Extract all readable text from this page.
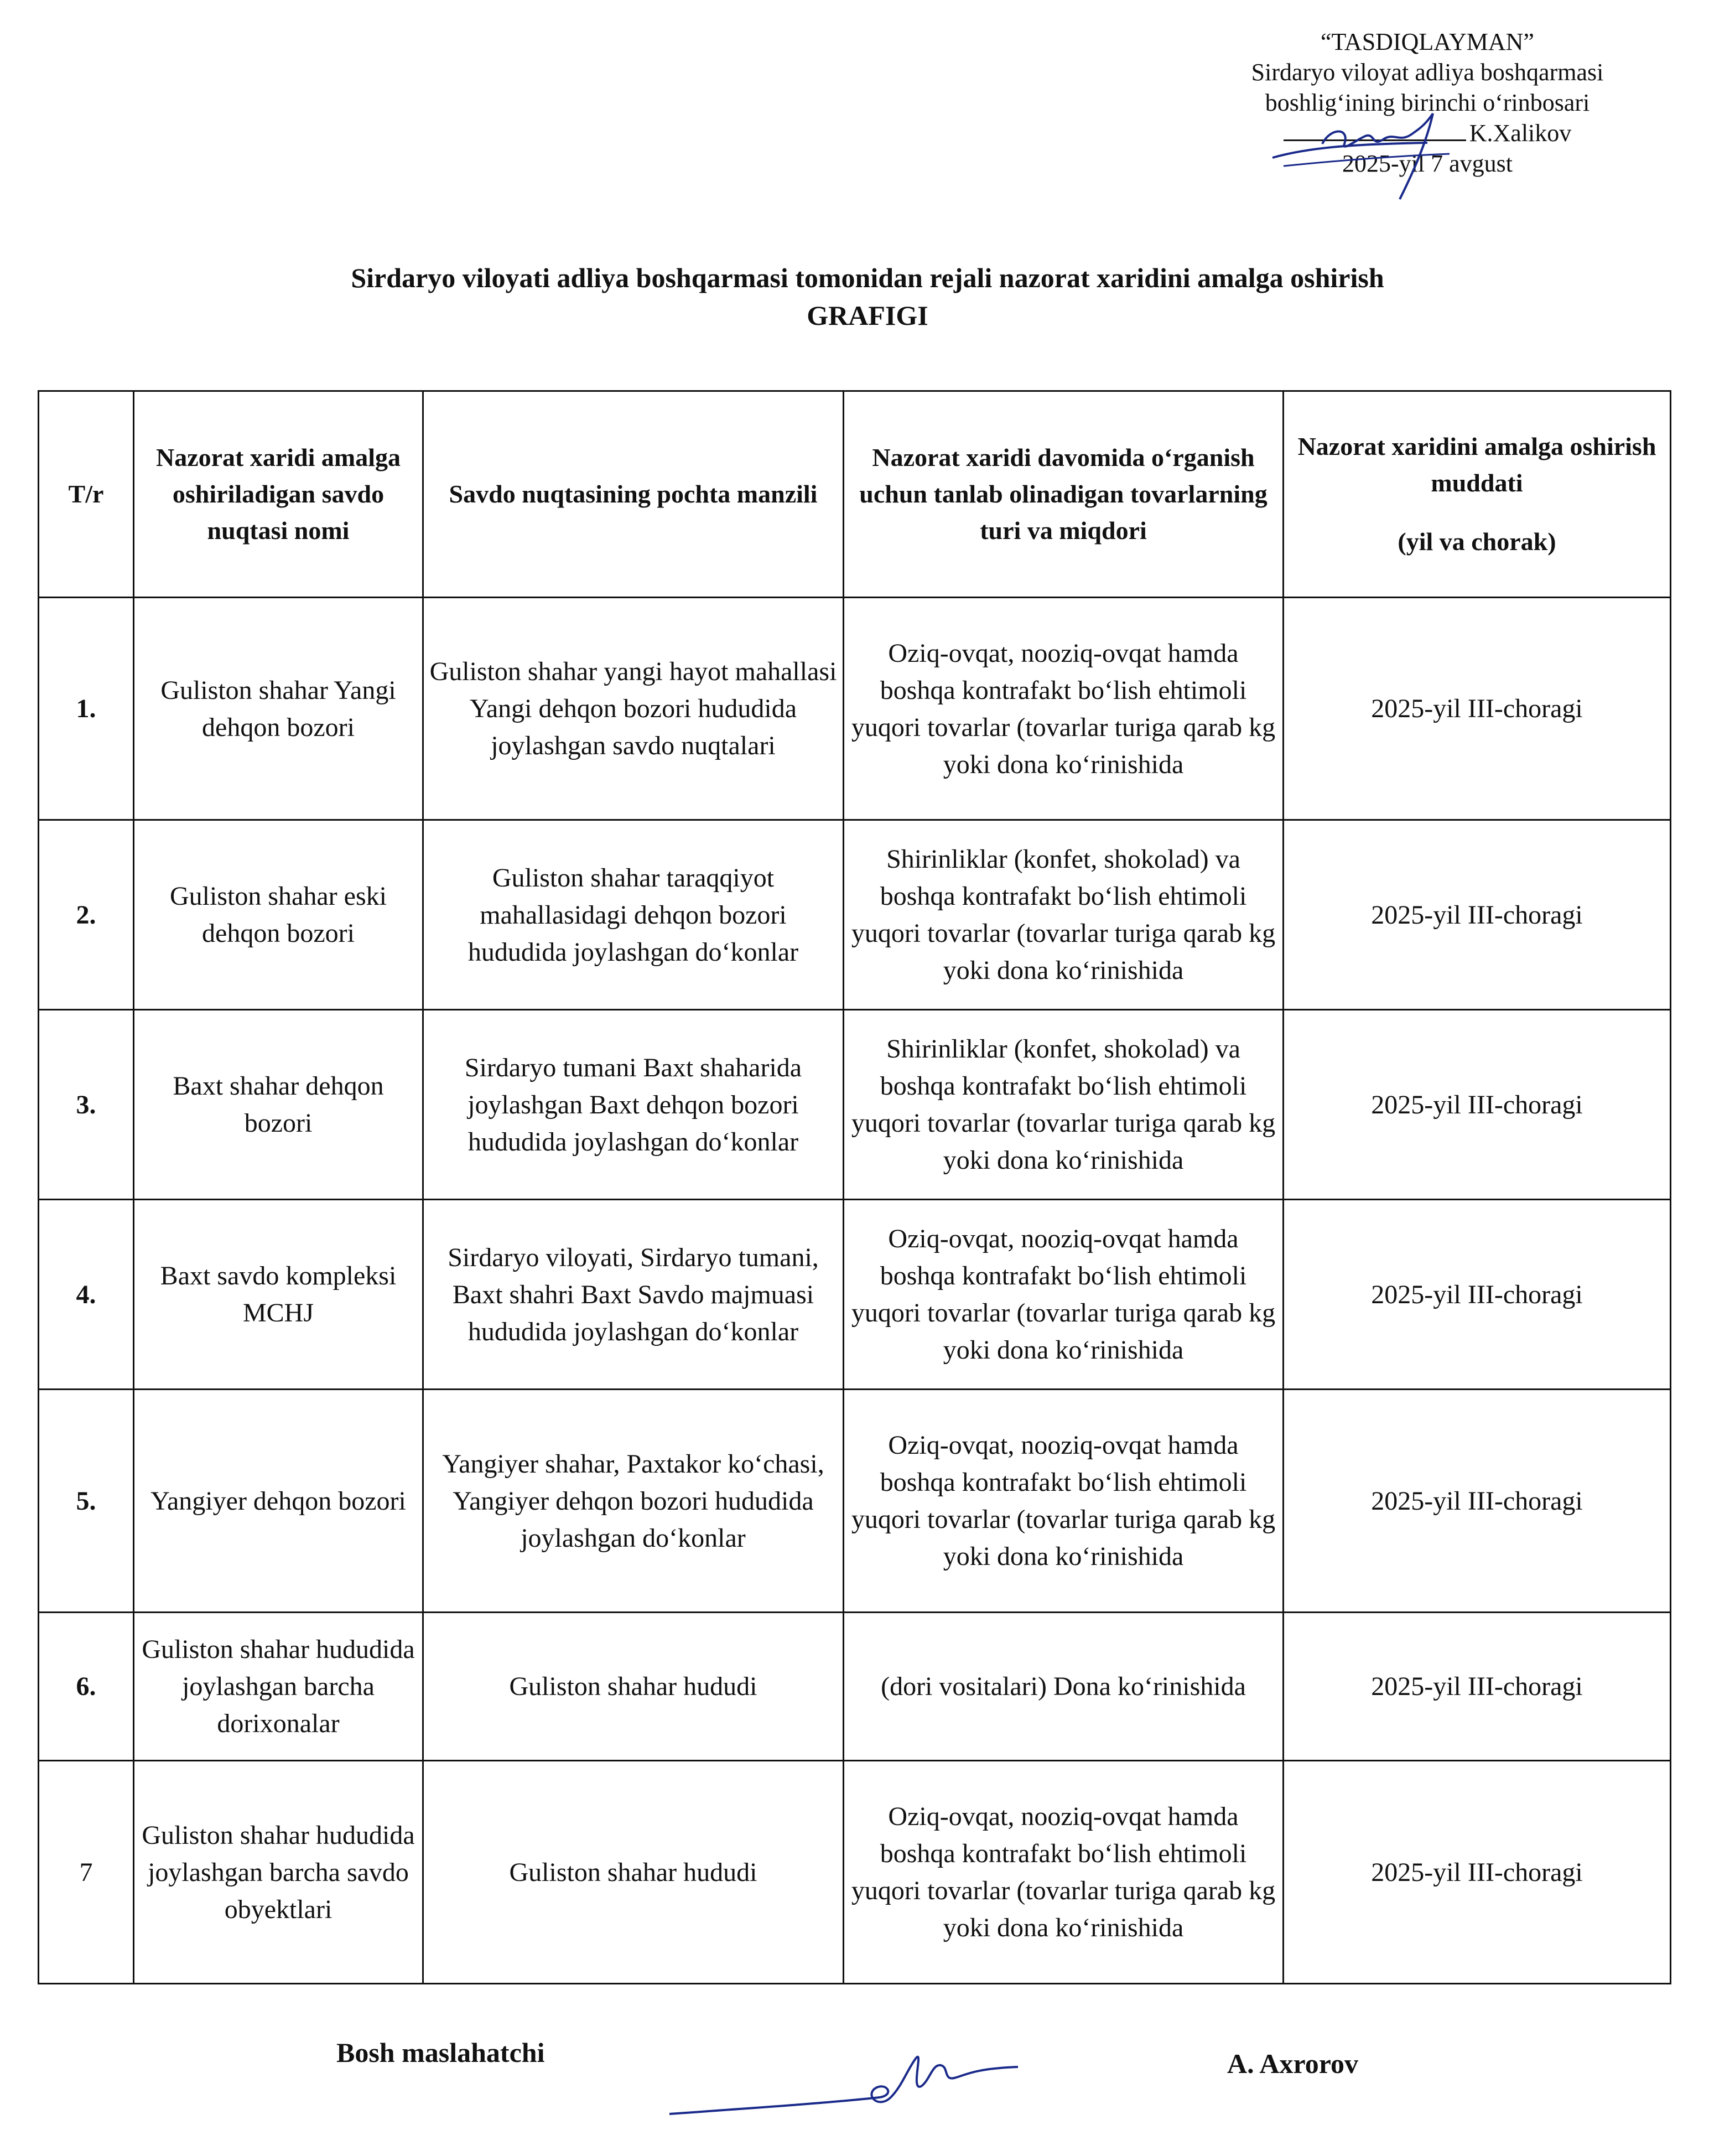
“TASDIQLAYMAN”
Sirdaryo viloyat adliya boshqarmasi
boshlig‘ining birinchi o‘rinbosari
K.Xalikov
2025-yil 7 avgust
Sirdaryo viloyati adliya boshqarmasi tomonidan rejali nazorat xaridini amalga oshirish
GRAFIGI
T/r	Nazorat xaridi amalga oshiriladigan savdo nuqtasi nomi	Savdo nuqtasining pochta manzili	Nazorat xaridi davomida o‘rganish uchun tanlab olinadigan tovarlarning turi va miqdori	Nazorat xaridini amalga oshirish muddati
(yil va chorak)

1.	Guliston shahar Yangi dehqon bozori	Guliston shahar yangi hayot mahallasi Yangi dehqon bozori hududida joylashgan savdo nuqtalari	Oziq-ovqat, nooziq-ovqat hamda boshqa kontrafakt bo‘lish ehtimoli yuqori tovarlar (tovarlar turiga qarab kg yoki dona ko‘rinishida	2025-yil III-choragi
2.	Guliston shahar eski dehqon bozori	Guliston shahar taraqqiyot mahallasidagi dehqon bozori hududida joylashgan do‘konlar	Shirinliklar (konfet, shokolad) va boshqa kontrafakt bo‘lish ehtimoli yuqori tovarlar (tovarlar turiga qarab kg yoki dona ko‘rinishida	2025-yil III-choragi
3.	Baxt shahar dehqon bozori	Sirdaryo tumani Baxt shaharida joylashgan Baxt dehqon bozori hududida joylashgan do‘konlar	Shirinliklar (konfet, shokolad) va boshqa kontrafakt bo‘lish ehtimoli yuqori tovarlar (tovarlar turiga qarab kg yoki dona ko‘rinishida	2025-yil III-choragi
4.	Baxt savdo kompleksi MCHJ	Sirdaryo viloyati, Sirdaryo tumani, Baxt shahri Baxt Savdo majmuasi hududida joylashgan do‘konlar	Oziq-ovqat, nooziq-ovqat hamda boshqa kontrafakt bo‘lish ehtimoli yuqori tovarlar (tovarlar turiga qarab kg yoki dona ko‘rinishida	2025-yil III-choragi
5.	Yangiyer dehqon bozori	Yangiyer shahar, Paxtakor ko‘chasi, Yangiyer dehqon bozori hududida joylashgan do‘konlar	Oziq-ovqat, nooziq-ovqat hamda boshqa kontrafakt bo‘lish ehtimoli yuqori tovarlar (tovarlar turiga qarab kg yoki dona ko‘rinishida	2025-yil III-choragi
6.	Guliston shahar hududida joylashgan barcha dorixonalar	Guliston shahar hududi	(dori vositalari) Dona ko‘rinishida	2025-yil III-choragi
7	Guliston shahar hududida joylashgan barcha savdo obyektlari	Guliston shahar hududi	Oziq-ovqat, nooziq-ovqat hamda boshqa kontrafakt bo‘lish ehtimoli yuqori tovarlar (tovarlar turiga qarab kg yoki dona ko‘rinishida	2025-yil III-choragi
Bosh maslahatchi	A. Axrorov
